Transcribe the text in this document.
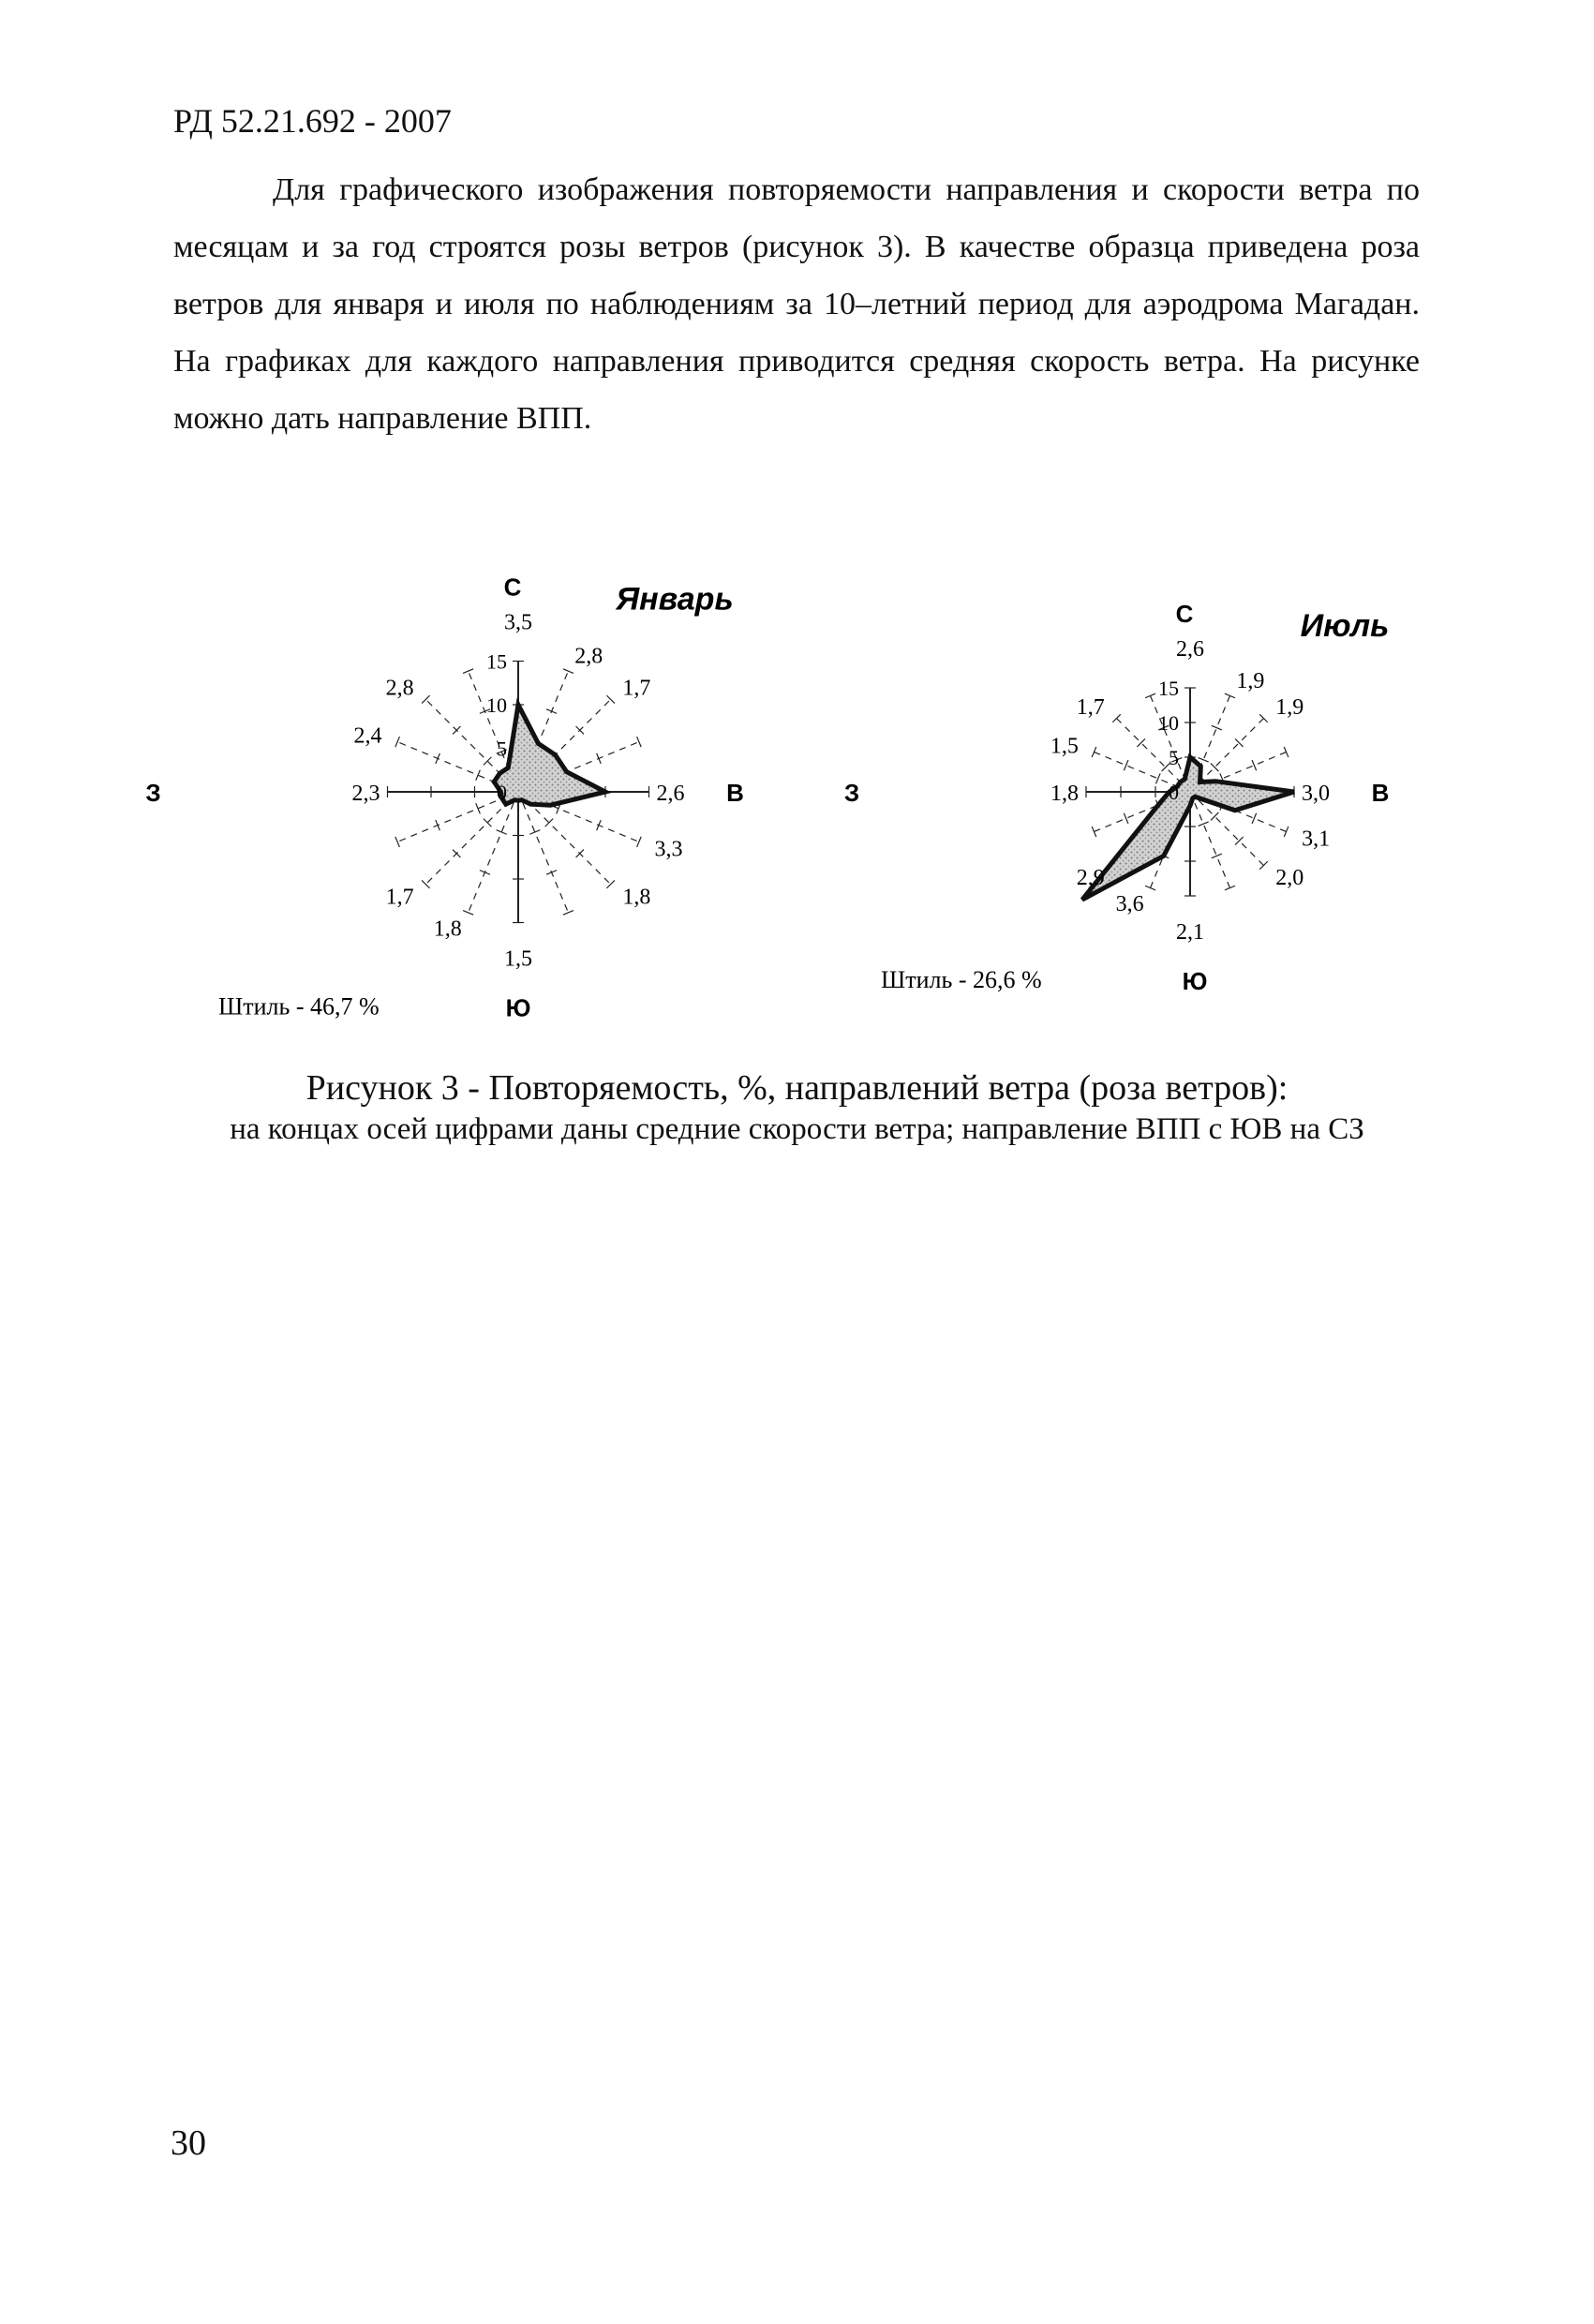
РД 52.21.692 - 2007

Для графического изображения повторяемости направления и скорости ветра по месяцам и за год строятся розы ветров (рисунок 3). В качестве образца приведена роза ветров для января и июля по наблюдениям за 10–летний период для аэродрома Магадан. На графиках для каждого направления приводится средняя скорость ветра. На рисунке можно дать направление ВПП.

0
5
10
15
3,5
2,8
1,7
2,6
3,3
1,8
1,5
1,8
1,7
2,3
2,4
2,8
С
В
З
Ю
Январь
Штиль - 46,7 %
0
5
10
15
2,6
1,9
1,9
3,0
3,1
2,0
2,1
3,6
2,9
1,8
1,5
1,7
С
В
З
Ю
Июль
Штиль - 26,6 %
Рисунок 3 - Повторяемость, %, направлений ветра (роза ветров):
на концах осей цифрами даны средние скорости ветра; направление ВПП с ЮВ на СЗ
30
